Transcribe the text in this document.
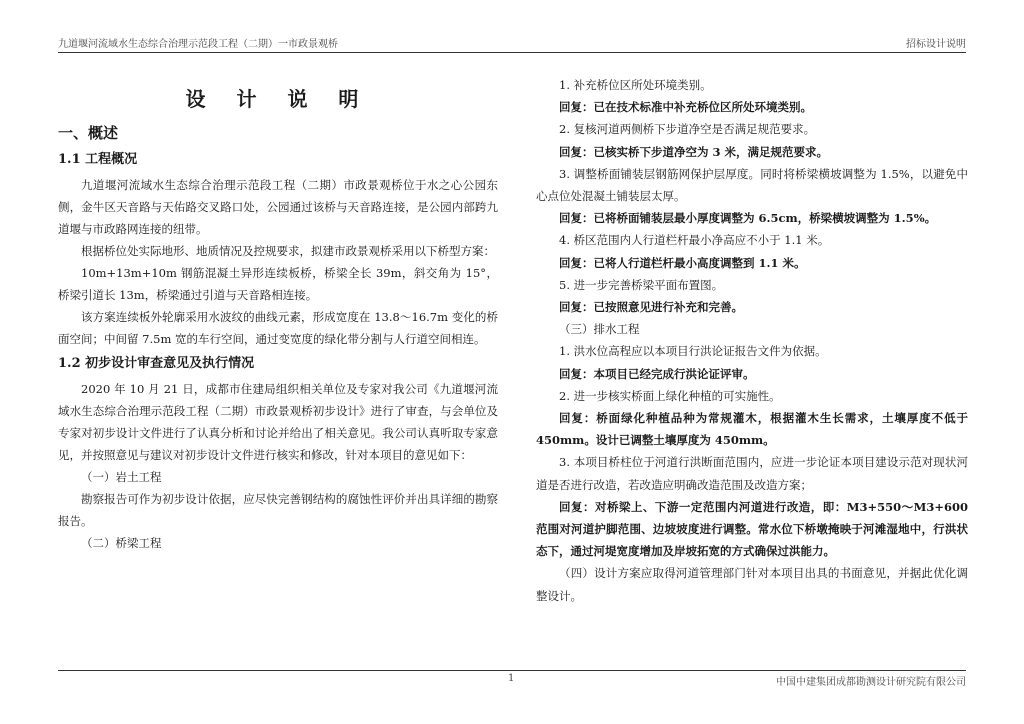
九道堰河流域水生态综合治理示范段工程（二期）一市政景观桥	招标设计说明
设 计 说 明
一、概述
1.1 工程概况

九道堰河流域水生态综合治理示范段工程（二期）市政景观桥位于水之心公园东侧，金牛区天音路与天佑路交叉路口处，公园通过该桥与天音路连接，是公园内部跨九道堰与市政路网连接的纽带。

根据桥位处实际地形、地质情况及控规要求，拟建市政景观桥采用以下桥型方案：

10m+13m+10m 钢筋混凝土异形连续板桥，桥梁全长 39m，斜交角为 15°，桥梁引道长 13m，桥梁通过引道与天音路相连接。

该方案连续板外轮廓采用水波纹的曲线元素，形成宽度在 13.8～16.7m 变化的桥面空间；中间留 7.5m 宽的车行空间，通过变宽度的绿化带分割与人行道空间相连。

1.2 初步设计审查意见及执行情况

2020 年 10 月 21 日，成都市住建局组织相关单位及专家对我公司《九道堰河流域水生态综合治理示范段工程（二期）市政景观桥初步设计》进行了审查，与会单位及专家对初步设计文件进行了认真分析和讨论并给出了相关意见。我公司认真听取专家意见，并按照意见与建议对初步设计文件进行核实和修改，针对本项目的意见如下：

（一）岩土工程

勘察报告可作为初步设计依据，应尽快完善钢结构的腐蚀性评价并出具详细的勘察报告。

（二）桥梁工程

1. 补充桥位区所处环境类别。

回复：已在技术标准中补充桥位区所处环境类别。

2. 复核河道两侧桥下步道净空是否满足规范要求。

回复：已核实桥下步道净空为 3 米，满足规范要求。

3. 调整桥面铺装层钢筋网保护层厚度。同时将桥梁横坡调整为 1.5%，以避免中心点位处混凝土铺装层太厚。

回复：已将桥面铺装层最小厚度调整为 6.5cm，桥梁横坡调整为 1.5%。

4. 桥区范围内人行道栏杆最小净高应不小于 1.1 米。

回复：已将人行道栏杆最小高度调整到 1.1 米。

5. 进一步完善桥梁平面布置图。

回复：已按照意见进行补充和完善。

（三）排水工程

1. 洪水位高程应以本项目行洪论证报告文件为依据。

回复：本项目已经完成行洪论证评审。

2. 进一步核实桥面上绿化种植的可实施性。

回复：桥面绿化种植品种为常规灌木，根据灌木生长需求，土壤厚度不低于 450mm。设计已调整土壤厚度为 450mm。

3. 本项目桥柱位于河道行洪断面范围内，应进一步论证本项目建设示范对现状河道是否进行改造，若改造应明确改造范围及改造方案；

回复：对桥梁上、下游一定范围内河道进行改造，即：M3+550～M3+600 范围对河道护脚范围、边坡坡度进行调整。常水位下桥墩掩映于河滩湿地中，行洪状态下，通过河堤宽度增加及岸坡拓宽的方式确保过洪能力。

（四）设计方案应取得河道管理部门针对本项目出具的书面意见，并据此优化调整设计。

1	中国中建集团成都勘测设计研究院有限公司
